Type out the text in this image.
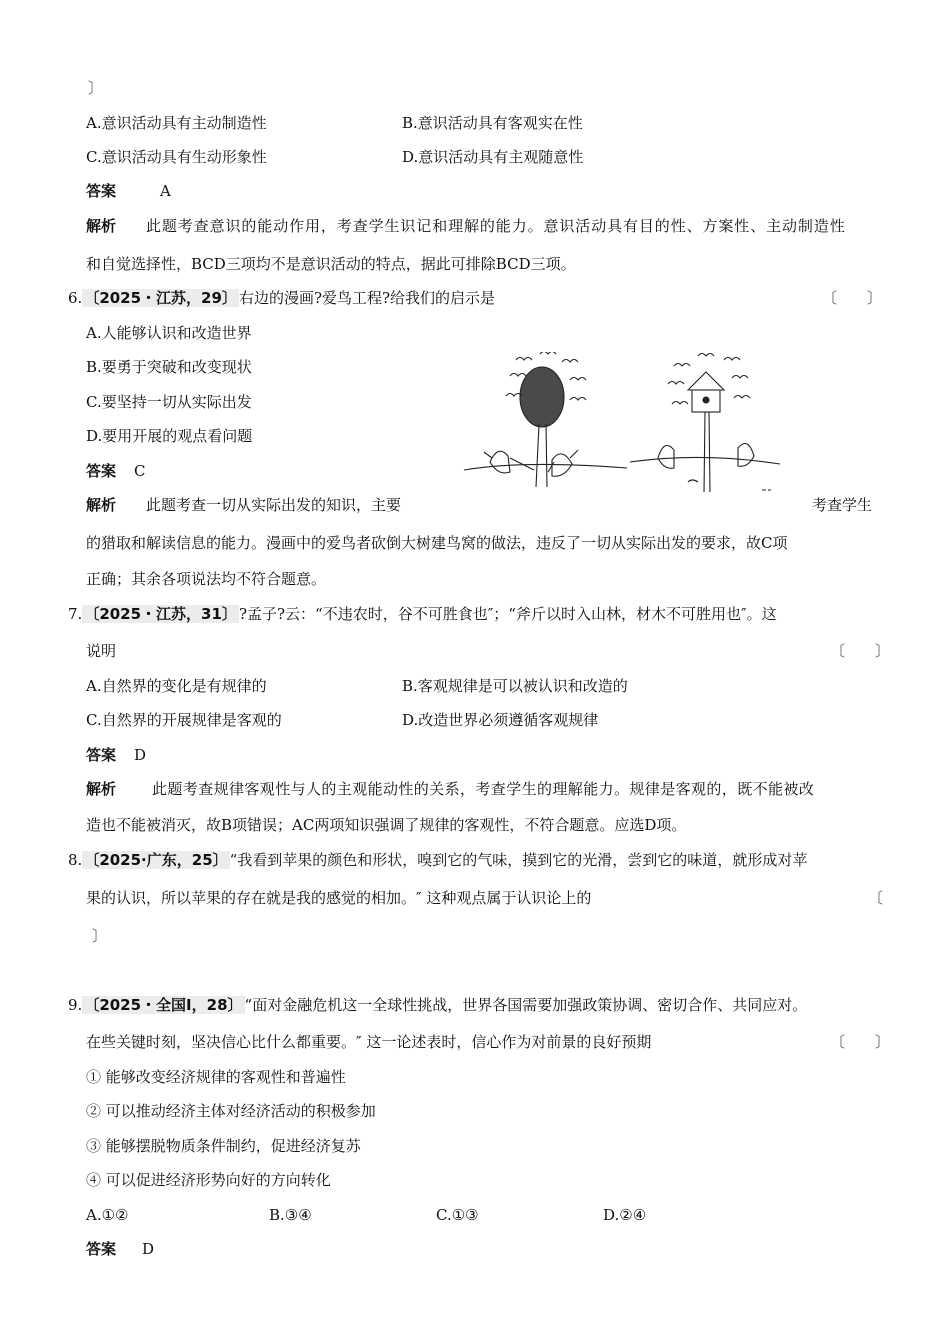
〕
A.意识活动具有主动制造性	B.意识活动具有客观实在性
C.意识活动具有生动形象性	D.意识活动具有主观随意性
答案	A
解析 此题考查意识的能动作用，考查学生识记和理解的能力。意识活动具有目的性、方案性、主动制造性
和自觉选择性，BCD三项均不是意识活动的特点，据此可排除BCD三项。
6. 〔2025・江苏，29〕 右边的漫画?爱鸟工程?给我们的启示是	〔　　〕
A.人能够认识和改造世界
B.要勇于突破和改变现状
C.要坚持一切从实际出发
D.要用开展的观点看问题
答案 C
解析 此题考查一切从实际出发的知识，主要	考查学生
的猎取和解读信息的能力。漫画中的爱鸟者砍倒大树建鸟窝的做法，违反了一切从实际出发的要求，故C项
正确；其余各项说法均不符合题意。
7. 〔2025・江苏，31〕 ?孟子?云：“不违农时，谷不可胜食也″；“斧斤以时入山林，材木不可胜用也″。这
说明	〔　　〕
A.自然界的变化是有规律的	B.客观规律是可以被认识和改造的
C.自然界的开展规律是客观的	D.改造世界必须遵循客观规律
答案 D
解析 此题考查规律客观性与人的主观能动性的关系，考查学生的理解能力。规律是客观的，既不能被改
造也不能被消灭，故B项错误；AC两项知识强调了规律的客观性，不符合题意。应选D项。
8. 〔2025·广东，25〕 “我看到苹果的颜色和形状，嗅到它的气味，摸到它的光滑，尝到它的味道，就形成对苹
果的认识，所以苹果的存在就是我的感觉的相加。″ 这种观点属于认识论上的	〔
〕
9. 〔2025・全国Ⅰ，28〕 “面对金融危机这一全球性挑战，世界各国需要加强政策协调、密切合作、共同应对。
在些关键时刻，坚决信心比什么都重要。″ 这一论述表时，信心作为对前景的良好预期	〔　　〕
① 能够改变经济规律的客观性和普遍性
② 可以推动经济主体对经济活动的积极参加
③ 能够摆脱物质条件制约，促进经济复苏
④ 可以促进经济形势向好的方向转化
A.①②	B.③④	C.①③	D.②④
答案 D
